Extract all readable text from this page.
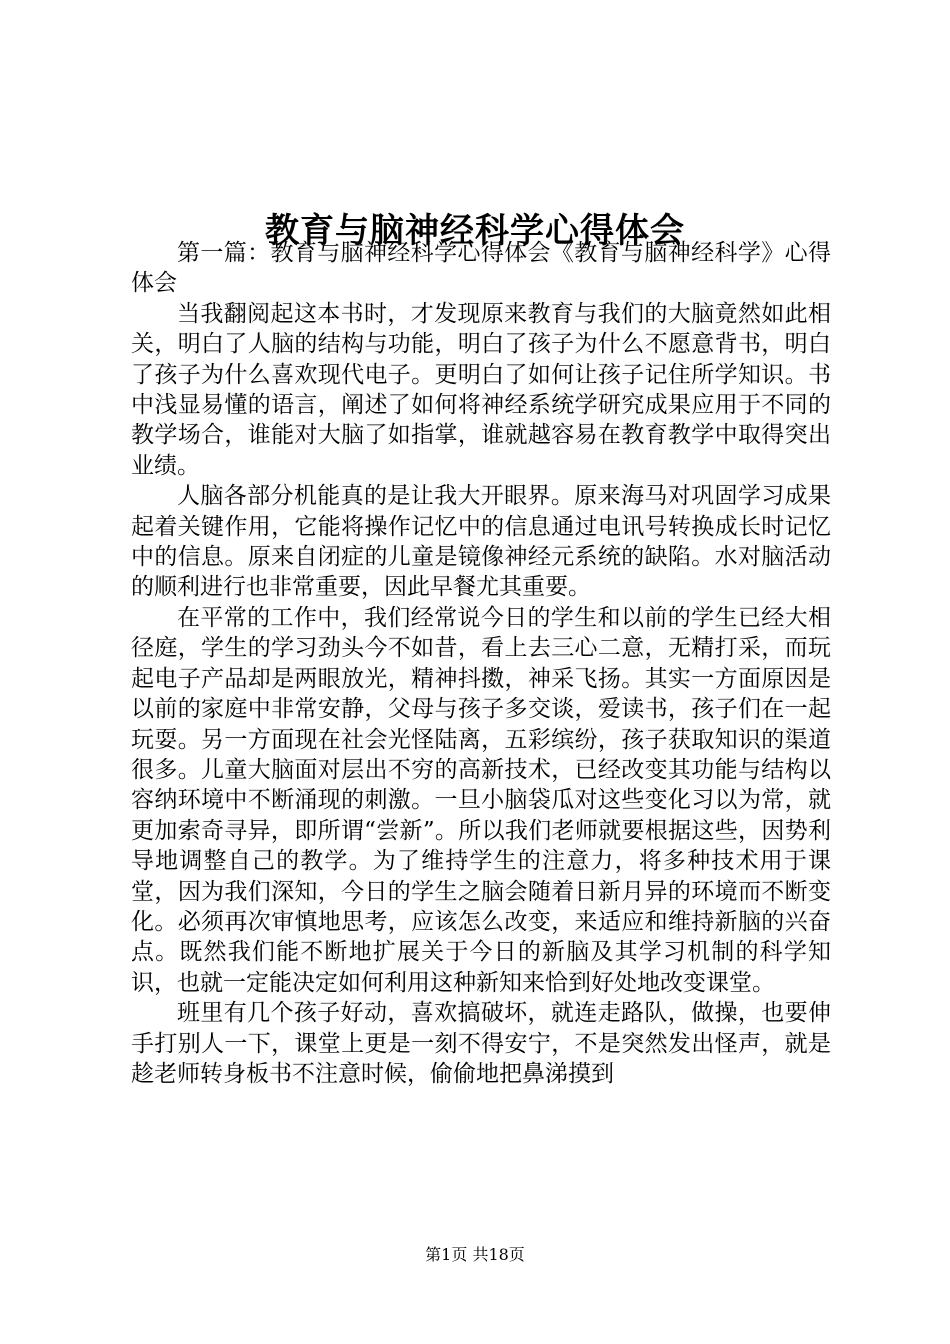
教育与脑神经科学心得体会

第一篇：教育与脑神经科学心得体会《教育与脑神经科学》心得体会

当我翻阅起这本书时，才发现原来教育与我们的大脑竟然如此相关，明白了人脑的结构与功能，明白了孩子为什么不愿意背书，明白了孩子为什么喜欢现代电子。更明白了如何让孩子记住所学知识。书中浅显易懂的语言，阐述了如何将神经系统学研究成果应用于不同的教学场合，谁能对大脑了如指掌，谁就越容易在教育教学中取得突出业绩。

人脑各部分机能真的是让我大开眼界。原来海马对巩固学习成果起着关键作用，它能将操作记忆中的信息通过电讯号转换成长时记忆中的信息。原来自闭症的儿童是镜像神经元系统的缺陷。水对脑活动的顺利进行也非常重要，因此早餐尤其重要。

在平常的工作中，我们经常说今日的学生和以前的学生已经大相径庭，学生的学习劲头今不如昔，看上去三心二意，无精打采，而玩起电子产品却是两眼放光，精神抖擞，神采飞扬。其实一方面原因是以前的家庭中非常安静，父母与孩子多交谈，爱读书，孩子们在一起玩耍。另一方面现在社会光怪陆离，五彩缤纷，孩子获取知识的渠道很多。儿童大脑面对层出不穷的高新技术，已经改变其功能与结构以容纳环境中不断涌现的刺激。一旦小脑袋瓜对这些变化习以为常，就更加索奇寻异，即所谓“尝新”。所以我们老师就要根据这些，因势利导地调整自己的教学。为了维持学生的注意力，将多种技术用于课堂，因为我们深知，今日的学生之脑会随着日新月异的环境而不断变化。必须再次审慎地思考，应该怎么改变，来适应和维持新脑的兴奋点。既然我们能不断地扩展关于今日的新脑及其学习机制的科学知识，也就一定能决定如何利用这种新知来恰到好处地改变课堂。

班里有几个孩子好动，喜欢搞破坏，就连走路队，做操，也要伸手打别人一下，课堂上更是一刻不得安宁，不是突然发出怪声，就是趁老师转身板书不注意时候，偷偷地把鼻涕摸到

第1页 共18页
